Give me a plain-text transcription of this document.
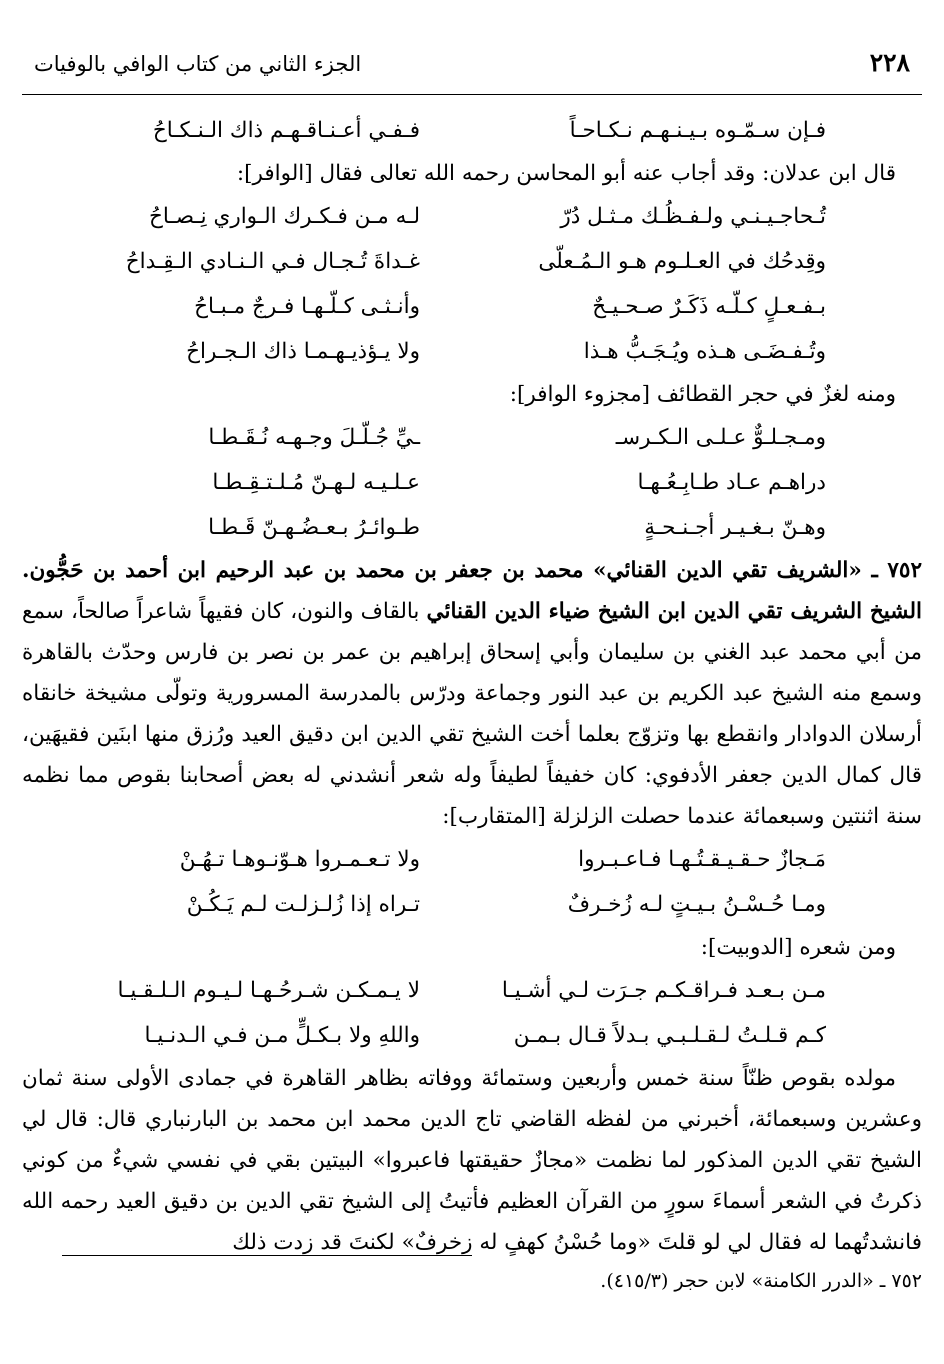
٢٢٨
الجزء الثاني من كتاب الوافي بالوفيات
فـإن سـمّـوه بـيـنـهـم نـكـاحـاً
فـفـي أعـنـاقـهـم ذاك الـنـكـاحُ

قال ابن عدلان: وقد أجاب عنه أبو المحاسن رحمه الله تعالى فقال [الوافر]:

تُـحاجـيـنـي ولـفـظُـك مـثـل دُرّ
لـه مـن فـكـرك الـواري نِـصـاحُ
وقِدحُك في العـلـوم هـو الـمُـعلّى
غـداةَ تُـجـال فـي الـنـادي الـقِـداحُ
بـفـعـلٍ كـلّـه ذَكَـرٌ صـحـيـحٌ
وأنـثـى كـلّـهـا فـرجٌ مـبـاحُ
وتُـفـضَـى هـذه ويُـجَـبُّ هـذا
ولا يـؤذيـهـمـا ذاك الـجـراحُ

ومنه لغزٌ في حجر القطائف [مجزوء الوافر]:

ومـجـلـوٌّ عـلـى الـكـرسـ
ـيِّ جُـلّـلَ وجـهـه نُـقَـطـا
دراهـم عـاد طـابِـعُـهـا
عـلـيـه لـهـنّ مُـلـتـقِـطـا
وهـنّ بـغـيـر أجـنـحـةٍ
طـوائـرُ بـعـضُـهـنّ قَـطـا

٧٥٢ ـ «الشريف تقي الدين القنائي» محمد بن جعفر بن محمد بن عبد الرحيم ابن أحمد بن حَجُّون. الشيخ الشريف تقي الدين ابن الشيخ ضياء الدين القنائي بالقاف والنون، كان فقيهاً شاعراً صالحاً، سمع من أبي محمد عبد الغني بن سليمان وأبي إسحاق إبراهيم بن عمر بن نصر بن فارس وحدّث بالقاهرة وسمع منه الشيخ عبد الكريم بن عبد النور وجماعة ودرّس بالمدرسة المسرورية وتولّى مشيخة خانقاه أرسلان الدوادار وانقطع بها وتزوّج بعلما أخت الشيخ تقي الدين ابن دقيق العيد ورُزق منها ابنَين فقيهَين، قال كمال الدين جعفر الأدفوي: كان خفيفاً لطيفاً وله شعر أنشدني له بعض أصحابنا بقوص مما نظمه سنة اثنتين وسبعمائة عندما حصلت الزلزلة [المتقارب]:

مَـجازٌ حـقـيـقـتُـهـا فـاعـبـروا
ولا تـعـمـروا هـوّنـوهـا تـهُـنْ
ومـا حُـسْـنُ بـيـتٍ لـه زُخـرفٌ
تـراه إذا زُلـزلـت لـم يَـكُـنْ

ومن شعره [الدوبيت]:

مـن بـعـد فـراقـكـم جـرَت لـي أشـيـا
لا يـمـكـن شـرحُـهـا لـيـوم الـلـقـيـا
كـم قـلـتُ لـقـلـبـي بـدلاً قـال بـمـن
واللهِ ولا بـكـلٍّ مـن فـي الـدنـيـا

مولده بقوص ظنّاً سنة خمس وأربعين وستمائة ووفاته بظاهر القاهرة في جمادى الأولى سنة ثمان وعشرين وسبعمائة، أخبرني من لفظه القاضي تاج الدين محمد ابن محمد بن البارنباري قال: قال لي الشيخ تقي الدين المذكور لما نظمت «مجازٌ حقيقتها فاعبروا» البيتين بقي في نفسي شيءٌ من كوني ذكرتُ في الشعر أسماءَ سورٍ من القرآن العظيم فأتيتُ إلى الشيخ تقي الدين بن دقيق العيد رحمه الله فانشدتُهما له فقال لي لو قلتَ «وما حُسْنُ كهفٍ له زخرفٌ» لكنتَ قد زدت ذلك

٧٥٢ ـ «الدرر الكامنة» لابن حجر (٤١٥/٣).
